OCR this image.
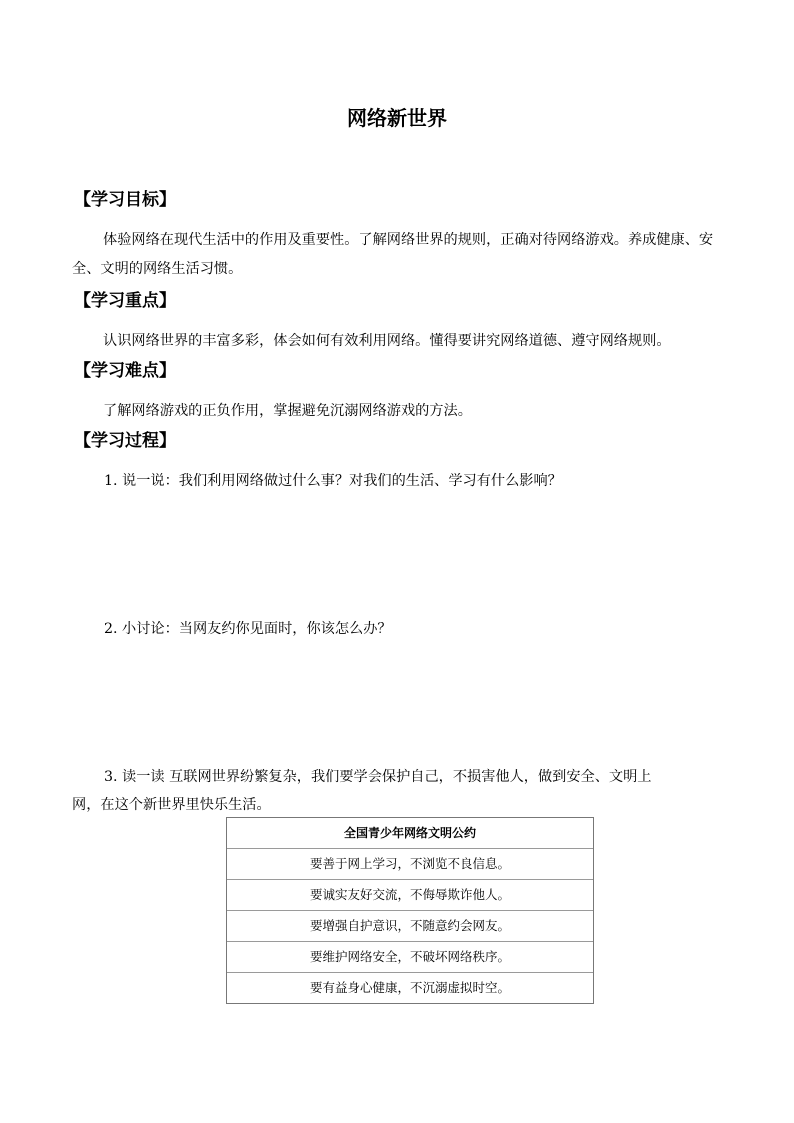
网络新世界
【学习目标】
体验网络在现代生活中的作用及重要性。了解网络世界的规则，正确对待网络游戏。养成健康、安全、文明的网络生活习惯。
【学习重点】
认识网络世界的丰富多彩，体会如何有效利用网络。懂得要讲究网络道德、遵守网络规则。
【学习难点】
了解网络游戏的正负作用，掌握避免沉溺网络游戏的方法。
【学习过程】
1. 说一说：我们利用网络做过什么事？对我们的生活、学习有什么影响？
2. 小讨论：当网友约你见面时，你该怎么办？
3. 读一读 互联网世界纷繁复杂，我们要学会保护自己，不损害他人，做到安全、文明上
网，在这个新世界里快乐生活。
全国青少年网络文明公约
要善于网上学习，不浏览不良信息。
要诚实友好交流，不侮辱欺诈他人。
要增强自护意识，不随意约会网友。
要维护网络安全，不破坏网络秩序。
要有益身心健康，不沉溺虚拟时空。
